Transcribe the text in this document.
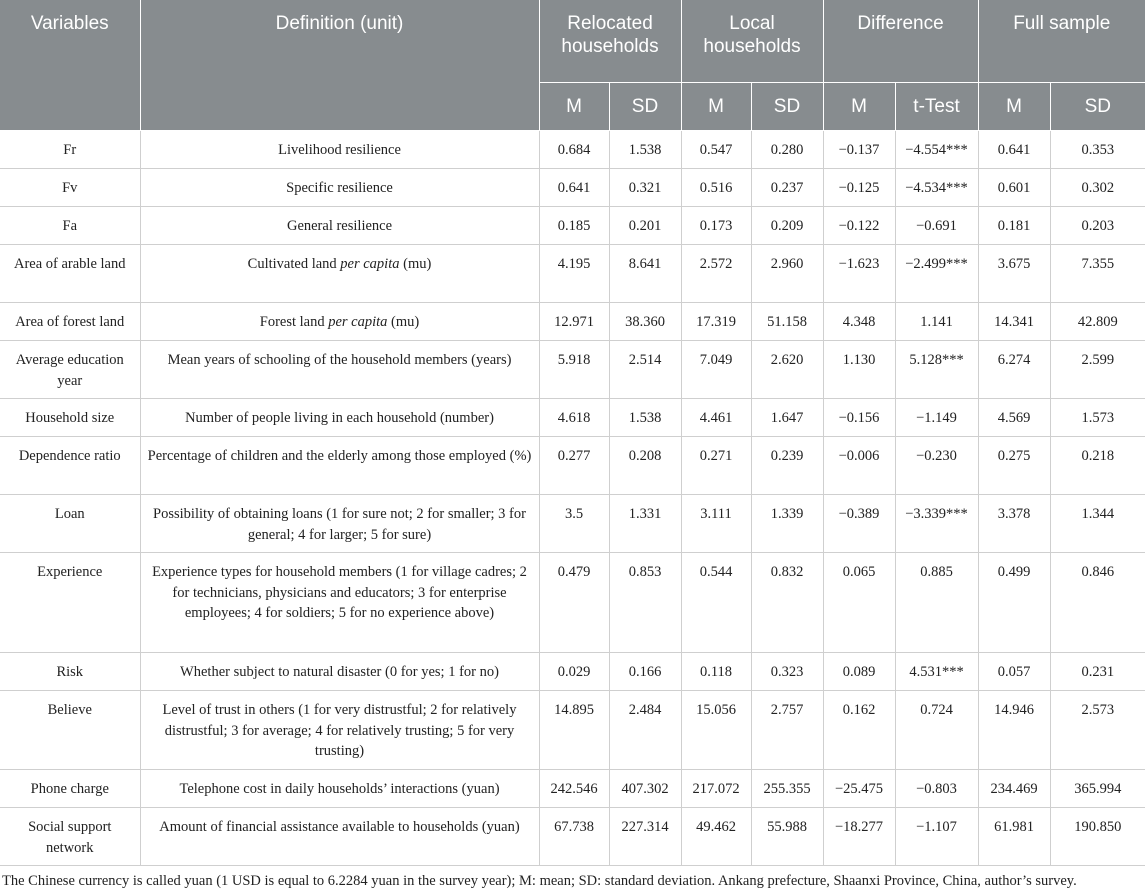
Variables	Definition (unit)	Relocated households		Local households		Difference		Full sample	
		M	SD	M	SD	M	t-Test	M	SD
Fr	Livelihood resilience	0.684	1.538	0.547	0.280	−0.137	−4.554***	0.641	0.353
Fv	Specific resilience	0.641	0.321	0.516	0.237	−0.125	−4.534***	0.601	0.302
Fa	General resilience	0.185	0.201	0.173	0.209	−0.122	−0.691	0.181	0.203
Area of arable land	Cultivated land per capita (mu)	4.195	8.641	2.572	2.960	−1.623	−2.499***	3.675	7.355
Area of forest land	Forest land per capita (mu)	12.971	38.360	17.319	51.158	4.348	1.141	14.341	42.809
Average education year	Mean years of schooling of the household members (years)	5.918	2.514	7.049	2.620	1.130	5.128***	6.274	2.599
Household size	Number of people living in each household (number)	4.618	1.538	4.461	1.647	−0.156	−1.149	4.569	1.573
Dependence ratio	Percentage of children and the elderly among those employed (%)	0.277	0.208	0.271	0.239	−0.006	−0.230	0.275	0.218
Loan	Possibility of obtaining loans (1 for sure not; 2 for smaller; 3 for general; 4 for larger; 5 for sure)	3.5	1.331	3.111	1.339	−0.389	−3.339***	3.378	1.344
Experience	Experience types for household members (1 for village cadres; 2 for technicians, physicians and educators; 3 for enterprise employees; 4 for soldiers; 5 for no experience above)	0.479	0.853	0.544	0.832	0.065	0.885	0.499	0.846
Risk	Whether subject to natural disaster (0 for yes; 1 for no)	0.029	0.166	0.118	0.323	0.089	4.531***	0.057	0.231
Believe	Level of trust in others (1 for very distrustful; 2 for relatively distrustful; 3 for average; 4 for relatively trusting; 5 for very trusting)	14.895	2.484	15.056	2.757	0.162	0.724	14.946	2.573
Phone charge	Telephone cost in daily households’ interactions (yuan)	242.546	407.302	217.072	255.355	−25.475	−0.803	234.469	365.994
Social support network	Amount of financial assistance available to households (yuan)	67.738	227.314	49.462	55.988	−18.277	−1.107	61.981	190.850
The Chinese currency is called yuan (1 USD is equal to 6.2284 yuan in the survey year); M: mean; SD: standard deviation. Ankang prefecture, Shaanxi Province, China, author’s survey.
